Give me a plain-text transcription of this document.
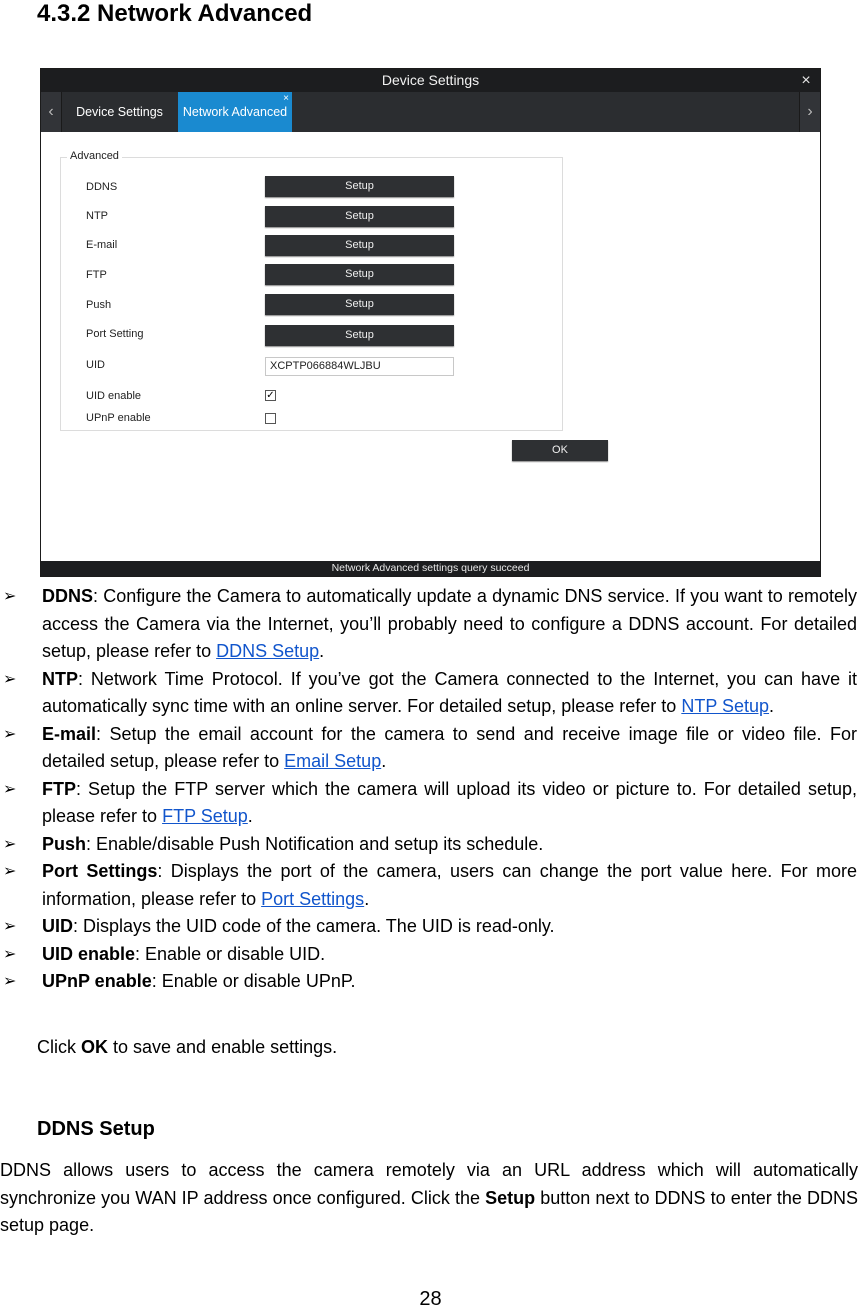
4.3.2 Network Advanced
Device Settings	×
‹	Device Settings	Network Advanced
×
›
Advanced
DDNS	Setup
NTP	Setup
E-mail	Setup
FTP	Setup
Push	Setup
Port Setting	Setup
UID	XCPTP066884WLJBU
UID enable	✓
UPnP enable
OK
Network Advanced settings query succeed
➢ DDNS: Configure the Camera to automatically update a dynamic DNS service. If you want to remotely access the Camera via the Internet, you’ll probably need to configure a DDNS account. For detailed setup, please refer to DDNS Setup.
➢ NTP: Network Time Protocol. If you’ve got the Camera connected to the Internet, you can have it automatically sync time with an online server. For detailed setup, please refer to NTP Setup.
➢ E-mail: Setup the email account for the camera to send and receive image file or video file. For detailed setup, please refer to Email Setup.
➢ FTP: Setup the FTP server which the camera will upload its video or picture to. For detailed setup, please refer to FTP Setup.
➢ Push: Enable/disable Push Notification and setup its schedule.
➢ Port Settings: Displays the port of the camera, users can change the port value here. For more information, please refer to Port Settings.
➢ UID: Displays the UID code of the camera. The UID is read-only.
➢ UID enable: Enable or disable UID.
➢ UPnP enable: Enable or disable UPnP.
Click OK to save and enable settings.
DDNS Setup
DDNS allows users to access the camera remotely via an URL address which will automatically synchronize you WAN IP address once configured. Click the Setup button next to DDNS to enter the DDNS setup page.
28
